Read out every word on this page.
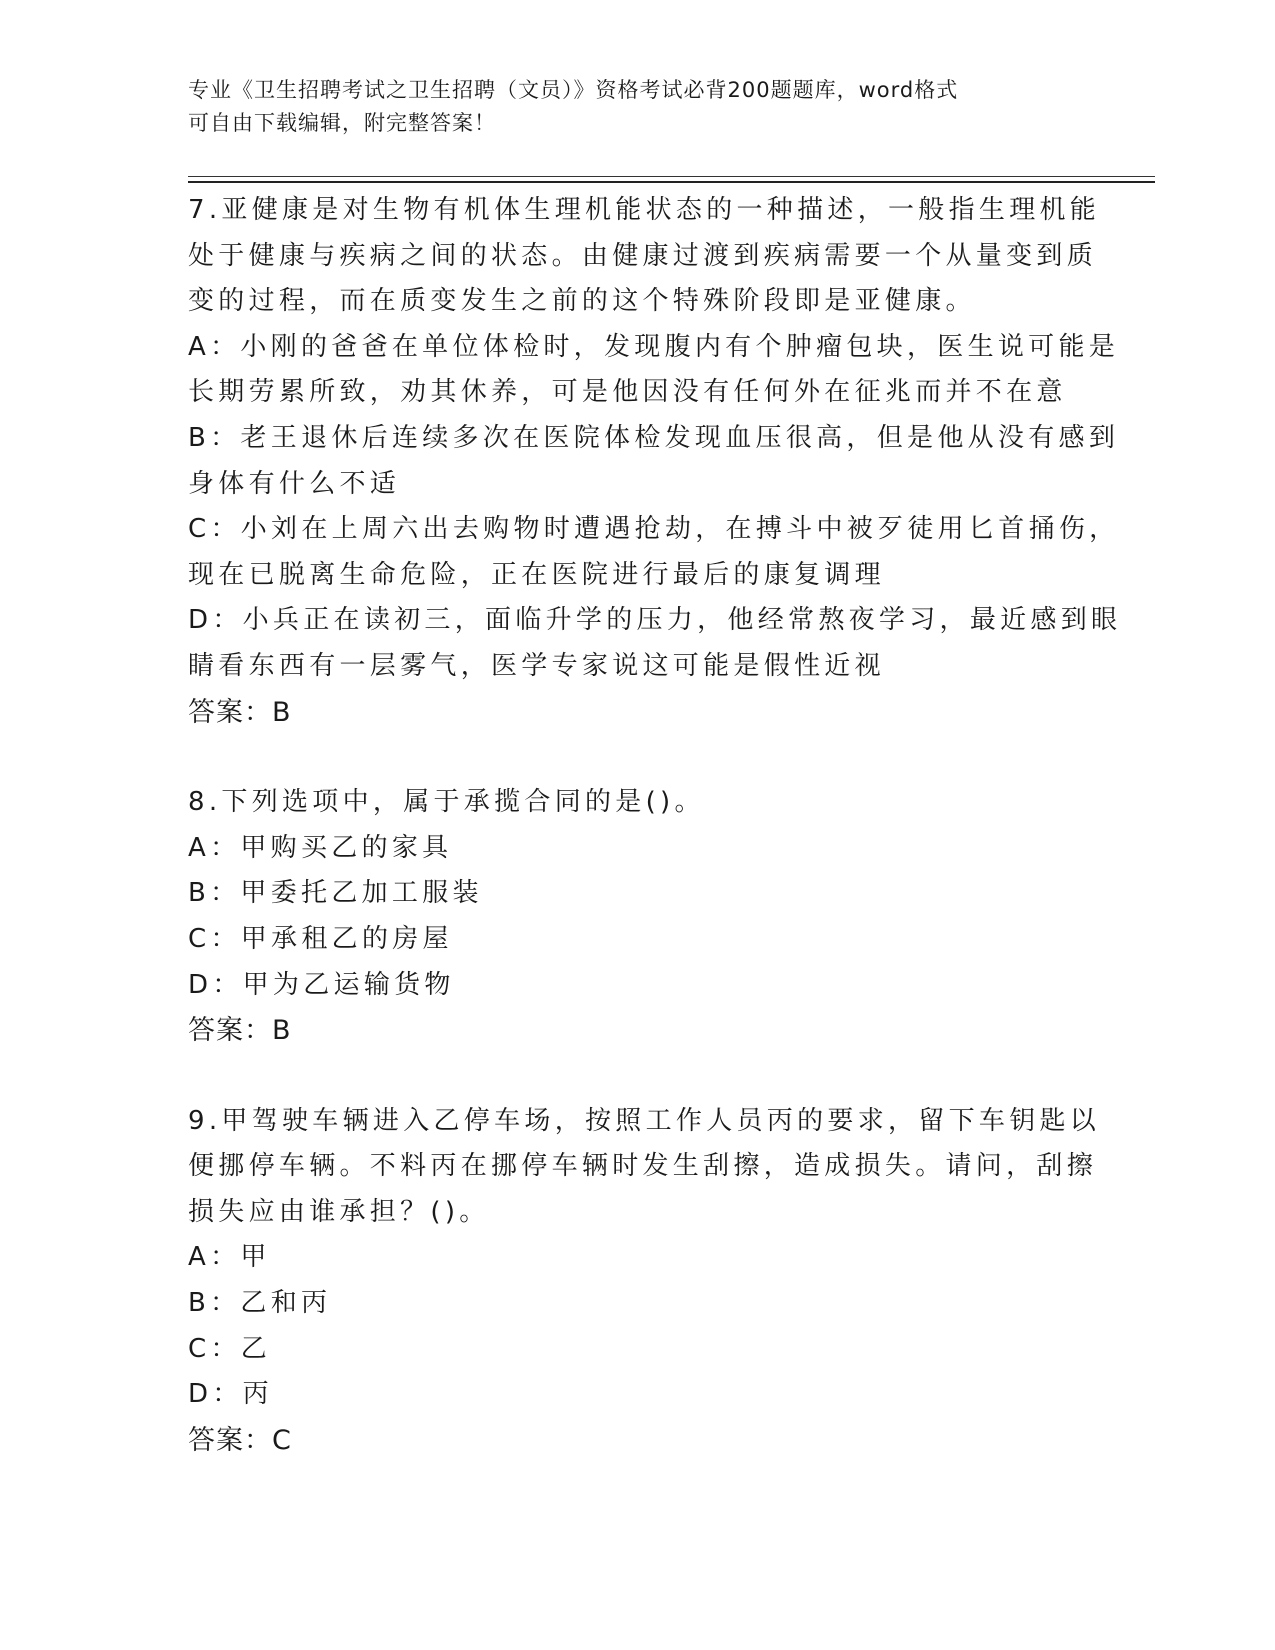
专业《卫生招聘考试之卫生招聘（文员）》资格考试必背200题题库，word格式
可自由下载编辑，附完整答案！
7.亚健康是对生物有机体生理机能状态的一种描述，一般指生理机能
处于健康与疾病之间的状态。由健康过渡到疾病需要一个从量变到质
变的过程，而在质变发生之前的这个特殊阶段即是亚健康。
A：小刚的爸爸在单位体检时，发现腹内有个肿瘤包块，医生说可能是
长期劳累所致，劝其休养，可是他因没有任何外在征兆而并不在意
B：老王退休后连续多次在医院体检发现血压很高，但是他从没有感到
身体有什么不适
C：小刘在上周六出去购物时遭遇抢劫，在搏斗中被歹徒用匕首捅伤，
现在已脱离生命危险，正在医院进行最后的康复调理
D：小兵正在读初三，面临升学的压力，他经常熬夜学习，最近感到眼
睛看东西有一层雾气，医学专家说这可能是假性近视
答案：B
8.下列选项中，属于承揽合同的是()。
A：甲购买乙的家具
B：甲委托乙加工服装
C：甲承租乙的房屋
D：甲为乙运输货物
答案：B
9.甲驾驶车辆进入乙停车场，按照工作人员丙的要求，留下车钥匙以
便挪停车辆。不料丙在挪停车辆时发生刮擦，造成损失。请问，刮擦
损失应由谁承担？()。
A：甲
B：乙和丙
C：乙
D：丙
答案：C
